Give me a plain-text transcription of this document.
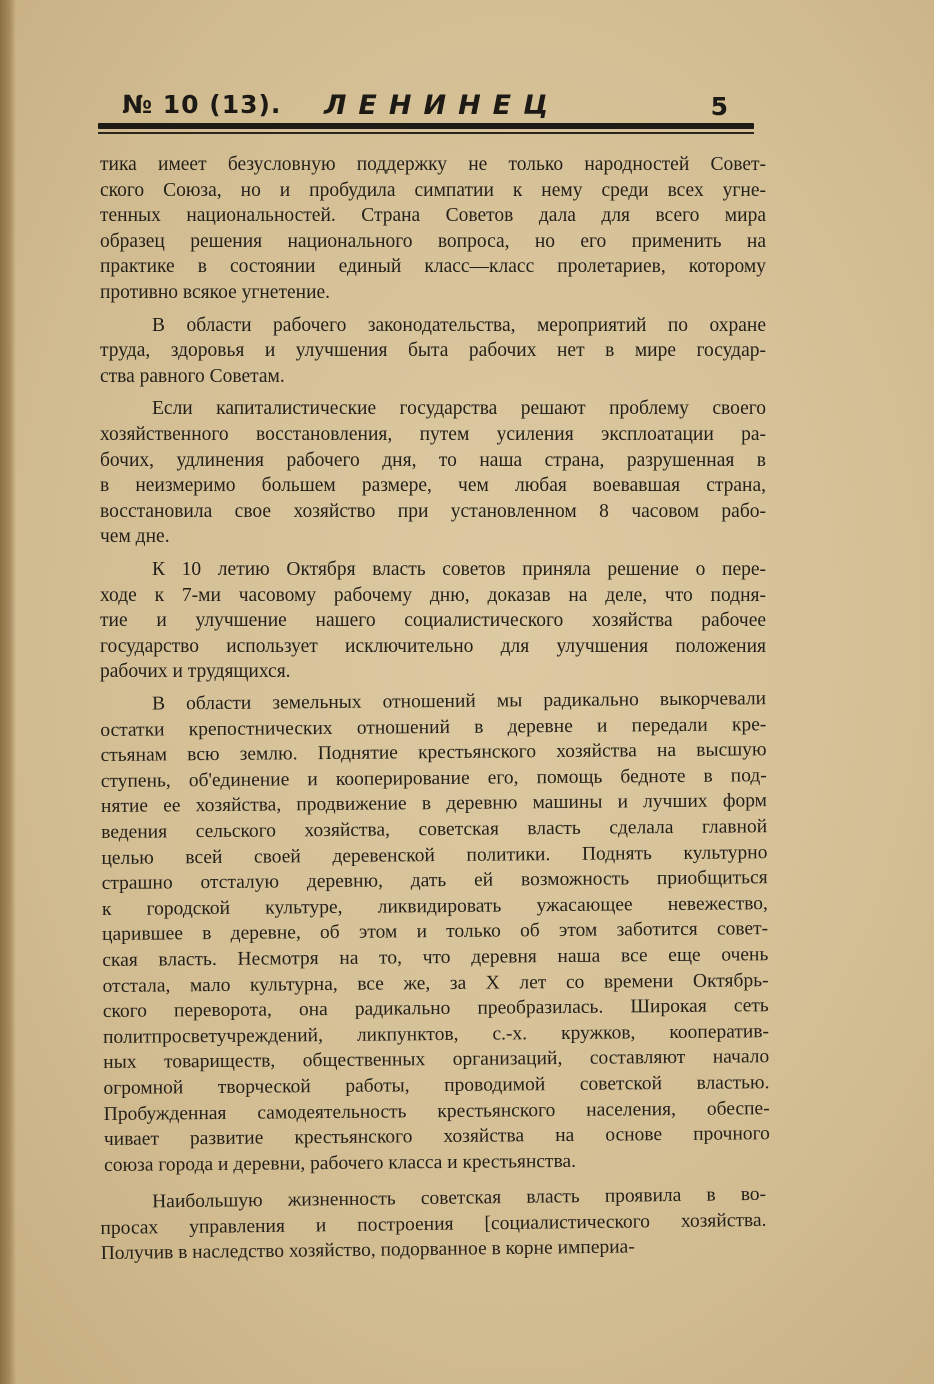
№ 10 (13). ЛЕНИНЕЦ	5
тика имеет безусловную поддержку не только народностей Совет-
ского Союза, но и пробудила симпатии к нему среди всех угне-
тенных национальностей. Страна Советов дала для всего мира
образец решения национального вопроса, но его применить на
практике в состоянии единый класс—класс пролетариев, которому
противно всякое угнетение.
В области рабочего законодательства, мероприятий по охране
труда, здоровья и улучшения быта рабочих нет в мире государ-
ства равного Советам.
Если капиталистические государства решают проблему своего
хозяйственного восстановления, путем усиления эксплоатации ра-
бочих, удлинения рабочего дня, то наша страна, разрушенная в
в неизмеримо большем размере, чем любая воевавшая страна,
восстановила свое хозяйство при установленном 8 часовом рабо-
чем дне.
К 10 летию Октября власть советов приняла решение о пере-
ходе к 7-ми часовому рабочему дню, доказав на деле, что подня-
тие и улучшение нашего социалистического хозяйства рабочее
государство использует исключительно для улучшения положения
рабочих и трудящихся.
В области земельных отношений мы радикально выкорчевали
остатки крепостнических отношений в деревне и передали кре-
стьянам всю землю. Поднятие крестьянского хозяйства на высшую
ступень, об'единение и кооперирование его, помощь бедноте в под-
нятие ее хозяйства, продвижение в деревню машины и лучших форм
ведения сельского хозяйства, советская власть сделала главной
целью всей своей деревенской политики. Поднять культурно
страшно отсталую деревню, дать ей возможность приобщиться
к городской культуре, ликвидировать ужасающее невежество,
царившее в деревне, об этом и только об этом заботится совет-
ская власть. Несмотря на то, что деревня наша все еще очень
отстала, мало культурна, все же, за X лет со времени Октябрь-
ского переворота, она радикально преобразилась. Широкая сеть
политпросветучреждений, ликпунктов, с.-х. кружков, кооператив-
ных товариществ, общественных организаций, составляют начало
огромной творческой работы, проводимой советской властью.
Пробужденная самодеятельность крестьянского населения, обеспе-
чивает развитие крестьянского хозяйства на основе прочного
союза города и деревни, рабочего класса и крестьянства.
Наибольшую жизненность советская власть проявила в во-
просах управления и построения [социалистического хозяйства.
Получив в наследство хозяйство, подорванное в корне империа-
